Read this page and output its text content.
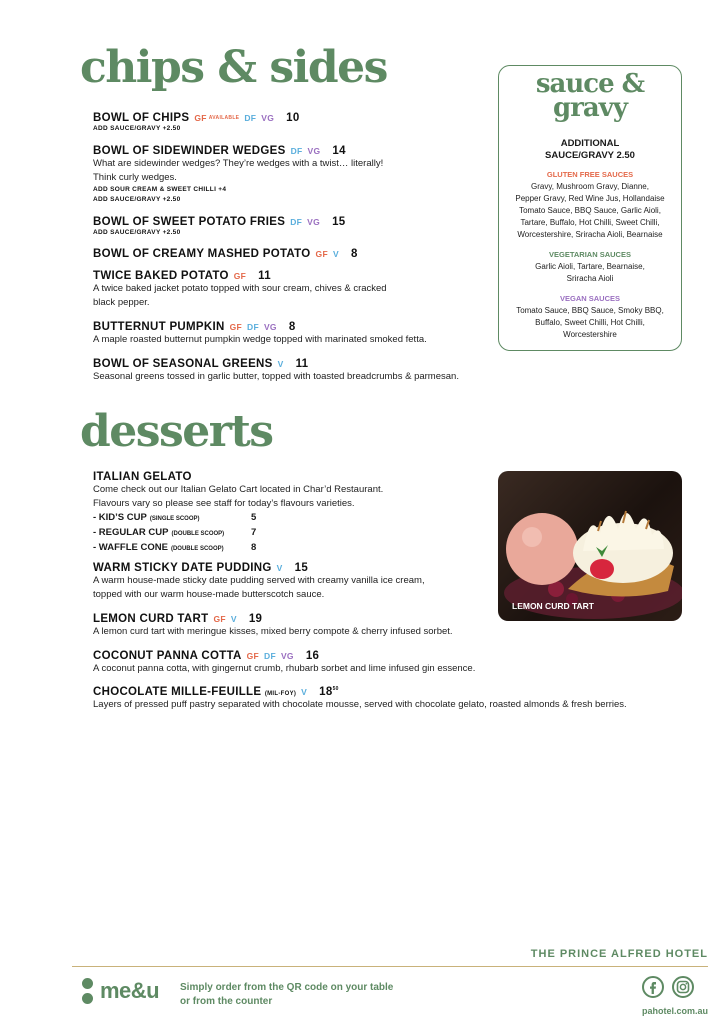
chips & sides
BOWL OF CHIPS GF AVAILABLE DF VG 10
ADD SAUCE/GRAVY +2.50
BOWL OF SIDEWINDER WEDGES DF VG 14
What are sidewinder wedges? They’re wedges with a twist… literally!
Think curly wedges.
ADD SOUR CREAM & SWEET CHILLI +4
ADD SAUCE/GRAVY +2.50
BOWL OF SWEET POTATO FRIES DF VG 15
ADD SAUCE/GRAVY +2.50
BOWL OF CREAMY MASHED POTATO GF V 8
TWICE BAKED POTATO GF 11
A twice baked jacket potato topped with sour cream, chives & cracked
black pepper.
BUTTERNUT PUMPKIN GF DF VG 8
A maple roasted butternut pumpkin wedge topped with marinated smoked fetta.
BOWL OF SEASONAL GREENS V 11
Seasonal greens tossed in garlic butter, topped with toasted breadcrumbs & parmesan.
sauce &
gravy
ADDITIONAL
SAUCE/GRAVY 2.50
GLUTEN FREE SAUCES
Gravy, Mushroom Gravy, Dianne,
Pepper Gravy, Red Wine Jus, Hollandaise
Tomato Sauce, BBQ Sauce, Garlic Aioli,
Tartare, Buffalo, Hot Chilli, Sweet Chilli,
Worcestershire, Sriracha Aioli, Bearnaise
VEGETARIAN SAUCES
Garlic Aioli, Tartare, Bearnaise,
Sriracha Aioli
VEGAN SAUCES
Tomato Sauce, BBQ Sauce, Smoky BBQ,
Buffalo, Sweet Chilli, Hot Chilli,
Worcestershire
desserts
ITALIAN GELATO
Come check out our Italian Gelato Cart located in Char’d Restaurant.
Flavours vary so please see staff for today’s flavours varieties.
- KID’S CUP (SINGLE SCOOP)	5
- REGULAR CUP (DOUBLE SCOOP)	7
- WAFFLE CONE (DOUBLE SCOOP)	8
WARM STICKY DATE PUDDING V 15
A warm house-made sticky date pudding served with creamy vanilla ice cream,
topped with our warm house-made butterscotch sauce.
LEMON CURD TART GF V 19
A lemon curd tart with meringue kisses, mixed berry compote & cherry infused sorbet.
COCONUT PANNA COTTA GF DF VG 16
A coconut panna cotta, with gingernut crumb, rhubarb sorbet and lime infused gin essence.
CHOCOLATE MILLE-FEUILLE (MIL-FOY) V $18^{50}$
Layers of pressed puff pastry separated with chocolate mousse, served with chocolate gelato, roasted almonds & fresh berries.
LEMON CURD TART
THE PRINCE ALFRED HOTEL
me&u Simply order from the QR code on your table
or from the counter
pahotel.com.au
